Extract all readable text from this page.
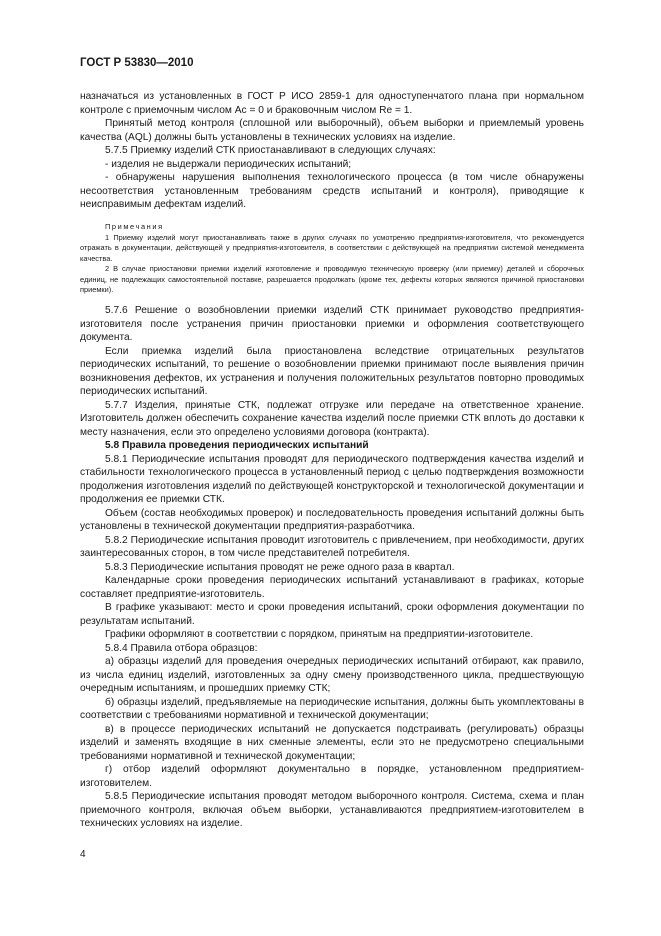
ГОСТ Р 53830—2010

назначаться из установленных в ГОСТ Р ИСО 2859-1 для одноступенчатого плана при нормальном контроле с приемочным числом Ac = 0 и браковочным числом Re = 1.

Принятый метод контроля (сплошной или выборочный), объем выборки и приемлемый уровень качества (AQL) должны быть установлены в технических условиях на изделие.

5.7.5 Приемку изделий СТК приостанавливают в следующих случаях:

- изделия не выдержали периодических испытаний;

- обнаружены нарушения выполнения технологического процесса (в том числе обнаружены несоответствия установленным требованиям средств испытаний и контроля), приводящие к неисправимым дефектам изделий.

Примечания

1 Приемку изделий могут приостанавливать также в других случаях по усмотрению предприятия-изготовителя, что рекомендуется отражать в документации, действующей у предприятия-изготовителя, в соответствии с действующей на предприятии системой менеджмента качества.

2 В случае приостановки приемки изделий изготовление и проводимую техническую проверку (или приемку) деталей и сборочных единиц, не подлежащих самостоятельной поставке, разрешается продолжать (кроме тех, дефекты которых являются причиной приостановки приемки).

5.7.6 Решение о возобновлении приемки изделий СТК принимает руководство предприятия-изготовителя после устранения причин приостановки приемки и оформления соответствующего документа.

Если приемка изделий была приостановлена вследствие отрицательных результатов периодических испытаний, то решение о возобновлении приемки принимают после выявления причин возникновения дефектов, их устранения и получения положительных результатов повторно проводимых периодических испытаний.

5.7.7 Изделия, принятые СТК, подлежат отгрузке или передаче на ответственное хранение. Изготовитель должен обеспечить сохранение качества изделий после приемки СТК вплоть до доставки к месту назначения, если это определено условиями договора (контракта).

5.8 Правила проведения периодических испытаний

5.8.1 Периодические испытания проводят для периодического подтверждения качества изделий и стабильности технологического процесса в установленный период с целью подтверждения возможности продолжения изготовления изделий по действующей конструкторской и технологической документации и продолжения ее приемки СТК.

Объем (состав необходимых проверок) и последовательность проведения испытаний должны быть установлены в технической документации предприятия-разработчика.

5.8.2 Периодические испытания проводит изготовитель с привлечением, при необходимости, других заинтересованных сторон, в том числе представителей потребителя.

5.8.3 Периодические испытания проводят не реже одного раза в квартал.

Календарные сроки проведения периодических испытаний устанавливают в графиках, которые составляет предприятие-изготовитель.

В графике указывают: место и сроки проведения испытаний, сроки оформления документации по результатам испытаний.

Графики оформляют в соответствии с порядком, принятым на предприятии-изготовителе.

5.8.4 Правила отбора образцов:

а) образцы изделий для проведения очередных периодических испытаний отбирают, как правило, из числа единиц изделий, изготовленных за одну смену производственного цикла, предшествующую очередным испытаниям, и прошедших приемку СТК;

б) образцы изделий, предъявляемые на периодические испытания, должны быть укомплектованы в соответствии с требованиями нормативной и технической документации;

в) в процессе периодических испытаний не допускается подстраивать (регулировать) образцы изделий и заменять входящие в них сменные элементы, если это не предусмотрено специальными требованиями нормативной и технической документации;

г) отбор изделий оформляют документально в порядке, установленном предприятием-изготовителем.

5.8.5 Периодические испытания проводят методом выборочного контроля. Система, схема и план приемочного контроля, включая объем выборки, устанавливаются предприятием-изготовителем в технических условиях на изделие.

4
